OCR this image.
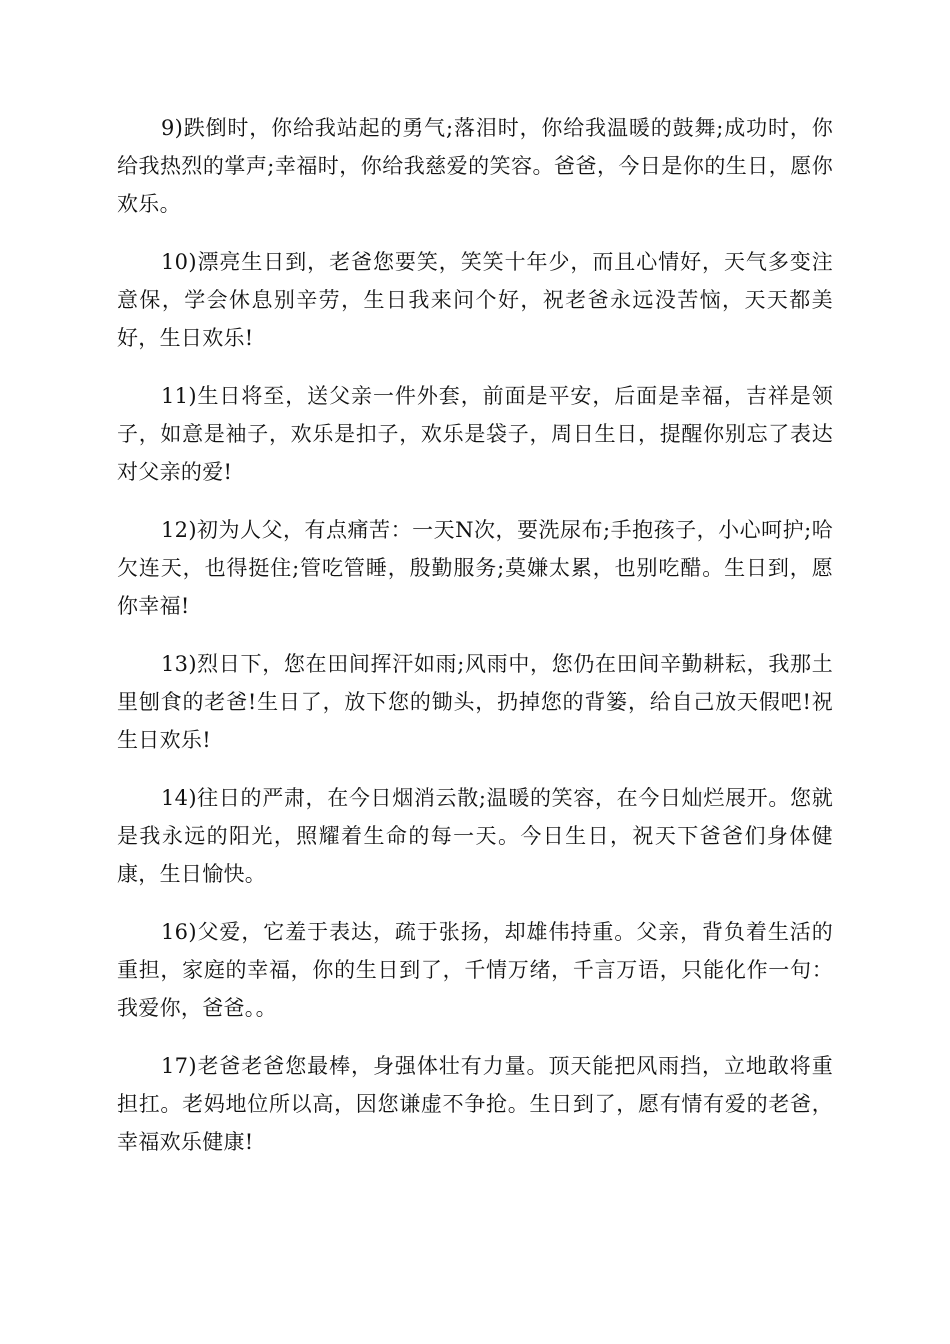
9)跌倒时，你给我站起的勇气;落泪时，你给我温暖的鼓舞;成功时，你给我热烈的掌声;幸福时，你给我慈爱的笑容。爸爸，今日是你的生日，愿你欢乐。

10)漂亮生日到，老爸您要笑，笑笑十年少，而且心情好，天气多变注意保，学会休息别辛劳，生日我来问个好，祝老爸永远没苦恼，天天都美好，生日欢乐!

11)生日将至，送父亲一件外套，前面是平安，后面是幸福，吉祥是领子，如意是袖子，欢乐是扣子，欢乐是袋子，周日生日，提醒你别忘了表达对父亲的爱!

12)初为人父，有点痛苦：一天N次，要洗尿布;手抱孩子，小心呵护;哈欠连天，也得挺住;管吃管睡，殷勤服务;莫嫌太累，也别吃醋。生日到，愿你幸福!

13)烈日下，您在田间挥汗如雨;风雨中，您仍在田间辛勤耕耘，我那土里刨食的老爸!生日了，放下您的锄头，扔掉您的背篓，给自己放天假吧!祝生日欢乐!

14)往日的严肃，在今日烟消云散;温暖的笑容，在今日灿烂展开。您就是我永远的阳光，照耀着生命的每一天。今日生日，祝天下爸爸们身体健康，生日愉快。

16)父爱，它羞于表达，疏于张扬，却雄伟持重。父亲，背负着生活的重担，家庭的幸福，你的生日到了，千情万绪，千言万语，只能化作一句：我爱你，爸爸。。

17)老爸老爸您最棒，身强体壮有力量。顶天能把风雨挡，立地敢将重担扛。老妈地位所以高，因您谦虚不争抢。生日到了，愿有情有爱的老爸，幸福欢乐健康!
